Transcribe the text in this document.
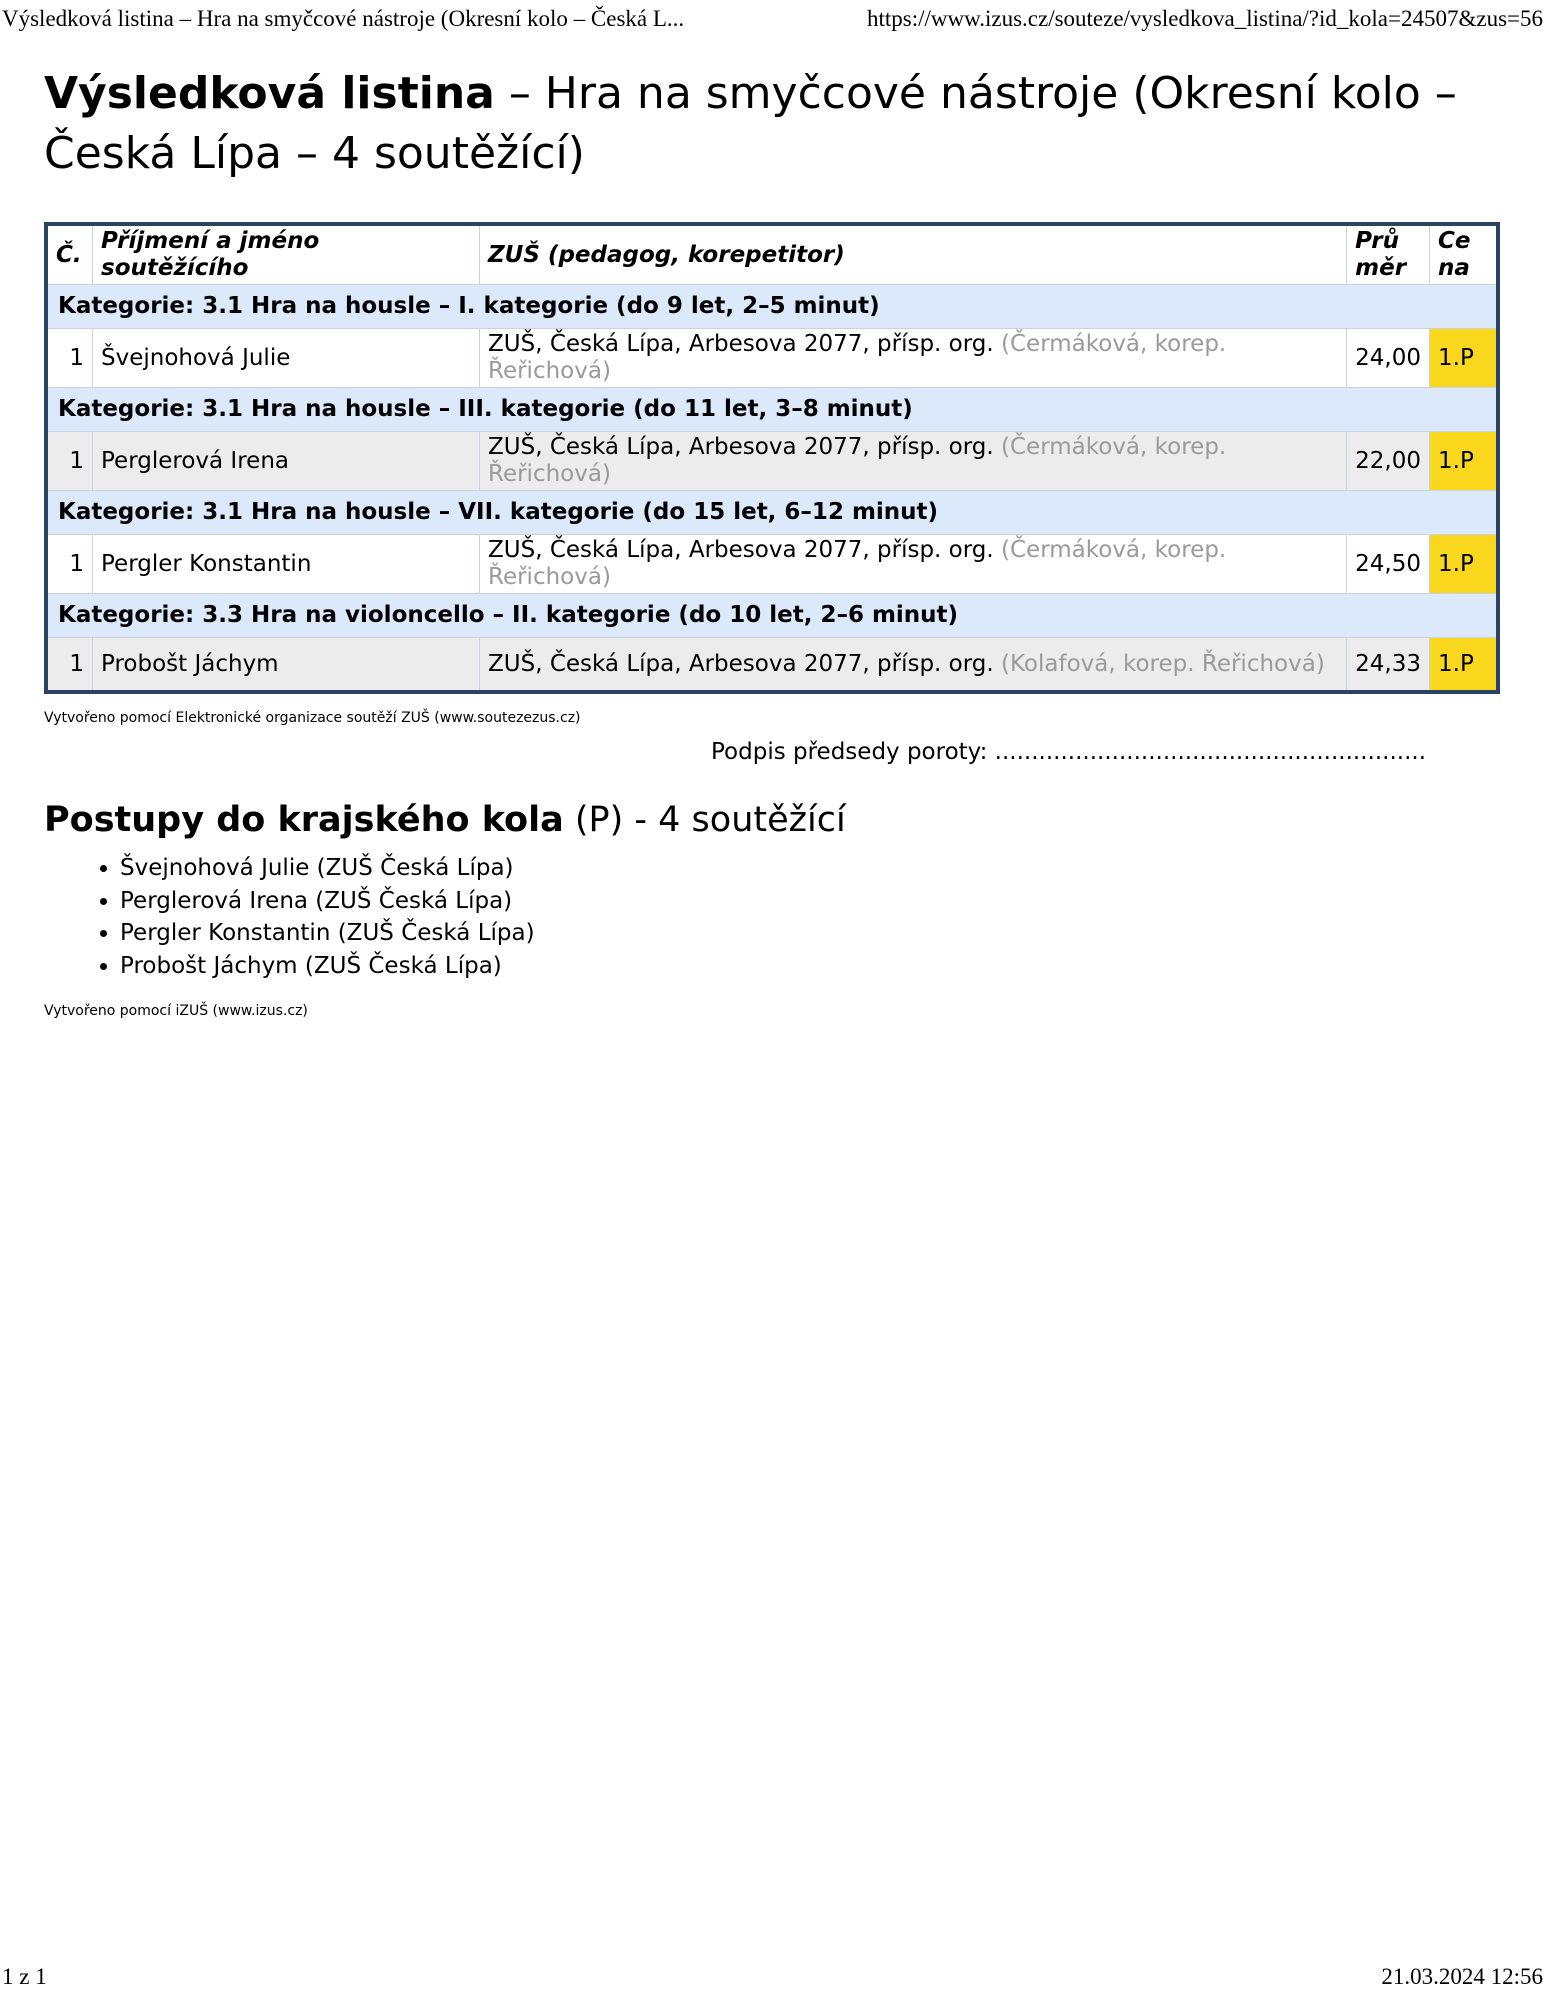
Výsledková listina – Hra na smyčcové nástroje (Okresní kolo – Česká L...	https://www.izus.cz/souteze/vysledkova_listina/?id_kola=24507&zus=56
Výsledková listina – Hra na smyčcové nástroje (Okresní kolo – Česká Lípa – 4 soutěžící)
Č.	Příjmení a jméno soutěžícího	ZUŠ (pedagog, korepetitor)	Prů měr	Ce na
Kategorie: 3.1 Hra na housle – I. kategorie (do 9 let, 2–5 minut)				
1	Švejnohová Julie	ZUŠ, Česká Lípa, Arbesova 2077, přísp. org. (Čermáková, korep. Řeřichová)	24,00	1.P
Kategorie: 3.1 Hra na housle – III. kategorie (do 11 let, 3–8 minut)				
1	Perglerová Irena	ZUŠ, Česká Lípa, Arbesova 2077, přísp. org. (Čermáková, korep. Řeřichová)	22,00	1.P
Kategorie: 3.1 Hra na housle – VII. kategorie (do 15 let, 6–12 minut)				
1	Pergler Konstantin	ZUŠ, Česká Lípa, Arbesova 2077, přísp. org. (Čermáková, korep. Řeřichová)	24,50	1.P
Kategorie: 3.3 Hra na violoncello – II. kategorie (do 10 let, 2–6 minut)				
1	Probošt Jáchym	ZUŠ, Česká Lípa, Arbesova 2077, přísp. org. (Kolafová, korep. Řeřichová)	24,33	1.P
Vytvořeno pomocí Elektronické organizace soutěží ZUŠ (www.soutezezus.cz)
Podpis předsedy poroty: ...........................................................
Postupy do krajského kola (P) - 4 soutěžící
• Švejnohová Julie (ZUŠ Česká Lípa)
• Perglerová Irena (ZUŠ Česká Lípa)
• Pergler Konstantin (ZUŠ Česká Lípa)
• Probošt Jáchym (ZUŠ Česká Lípa)
Vytvořeno pomocí iZUŠ (www.izus.cz)
1 z 1	21.03.2024 12:56
